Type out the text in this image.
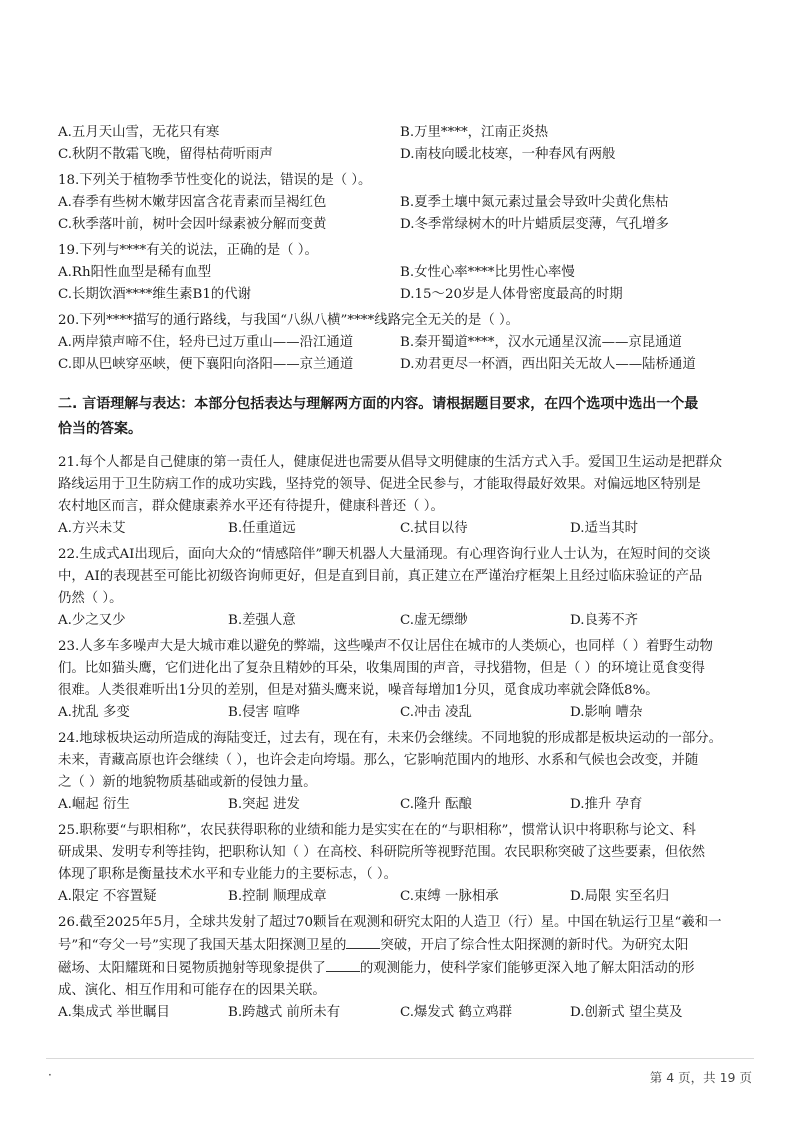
A.五月天山雪，无花只有寒	B.万里****，江南正炎热
C.秋阴不散霜飞晚，留得枯荷听雨声	D.南枝向暖北枝寒，一种春风有两般
18.下列关于植物季节性变化的说法，错误的是（ ）。
A.春季有些树木嫩芽因富含花青素而呈褐红色	B.夏季土壤中氮元素过量会导致叶尖黄化焦枯
C.秋季落叶前，树叶会因叶绿素被分解而变黄	D.冬季常绿树木的叶片蜡质层变薄，气孔增多
19.下列与****有关的说法，正确的是（ ）。
A.Rh阳性血型是稀有血型	B.女性心率****比男性心率慢
C.长期饮酒****维生素B1的代谢	D.15～20岁是人体骨密度最高的时期
20.下列****描写的通行路线，与我国“八纵八横”****线路完全无关的是（ ）。
A.两岸猿声啼不住，轻舟已过万重山——沿江通道	B.秦开蜀道****，汉水元通星汉流——京昆通道
C.即从巴峡穿巫峡，便下襄阳向洛阳——京兰通道	D.劝君更尽一杯酒，西出阳关无故人——陆桥通道
二. 言语理解与表达：本部分包括表达与理解两方面的内容。请根据题目要求，在四个选项中选出一个最
恰当的答案。
21.每个人都是自己健康的第一责任人，健康促进也需要从倡导文明健康的生活方式入手。爱国卫生运动是把群众
路线运用于卫生防病工作的成功实践，坚持党的领导、促进全民参与，才能取得最好效果。对偏远地区特别是
农村地区而言，群众健康素养水平还有待提升，健康科普还（ ）。
A.方兴未艾	B.任重道远	C.拭目以待	D.适当其时
22.生成式AI出现后，面向大众的“情感陪伴”聊天机器人大量涌现。有心理咨询行业人士认为，在短时间的交谈
中，AI的表现甚至可能比初级咨询师更好，但是直到目前，真正建立在严谨治疗框架上且经过临床验证的产品
仍然（ ）。
A.少之又少	B.差强人意	C.虚无缥缈	D.良莠不齐
23.人多车多噪声大是大城市难以避免的弊端，这些噪声不仅让居住在城市的人类烦心，也同样（ ）着野生动物
们。比如猫头鹰，它们进化出了复杂且精妙的耳朵，收集周围的声音，寻找猎物，但是（ ）的环境让觅食变得
很难。人类很难听出1分贝的差别，但是对猫头鹰来说，噪音每增加1分贝，觅食成功率就会降低8%。
A.扰乱 多变	B.侵害 喧哗	C.冲击 凌乱	D.影响 嘈杂
24.地球板块运动所造成的海陆变迁，过去有，现在有，未来仍会继续。不同地貌的形成都是板块运动的一部分。
未来，青藏高原也许会继续（ ），也许会走向垮塌。那么，它影响范围内的地形、水系和气候也会改变，并随
之（ ）新的地貌物质基础或新的侵蚀力量。
A.崛起 衍生	B.突起 进发	C.隆升 酝酿	D.推升 孕育
25.职称要“与职相称”，农民获得职称的业绩和能力是实实在在的“与职相称”，惯常认识中将职称与论文、科
研成果、发明专利等挂钩，把职称认知（ ）在高校、科研院所等视野范围。农民职称突破了这些要素，但依然
体现了职称是衡量技术水平和专业能力的主要标志，（ ）。
A.限定 不容置疑	B.控制 顺理成章	C.束缚 一脉相承	D.局限 实至名归
26.截至2025年5月，全球共发射了超过70颗旨在观测和研究太阳的人造卫（行）星。中国在轨运行卫星“羲和一
号”和“夸父一号”实现了我国天基太阳探测卫星的	突破，开启了综合性太阳探测的新时代。为研究太阳
磁场、太阳耀斑和日冕物质抛射等现象提供了	的观测能力，使科学家们能够更深入地了解太阳活动的形
成、演化、相互作用和可能存在的因果关联。
A.集成式 举世瞩目	B.跨越式 前所未有	C.爆发式 鹤立鸡群	D.创新式 望尘莫及
·	第 4 页，共 19 页
